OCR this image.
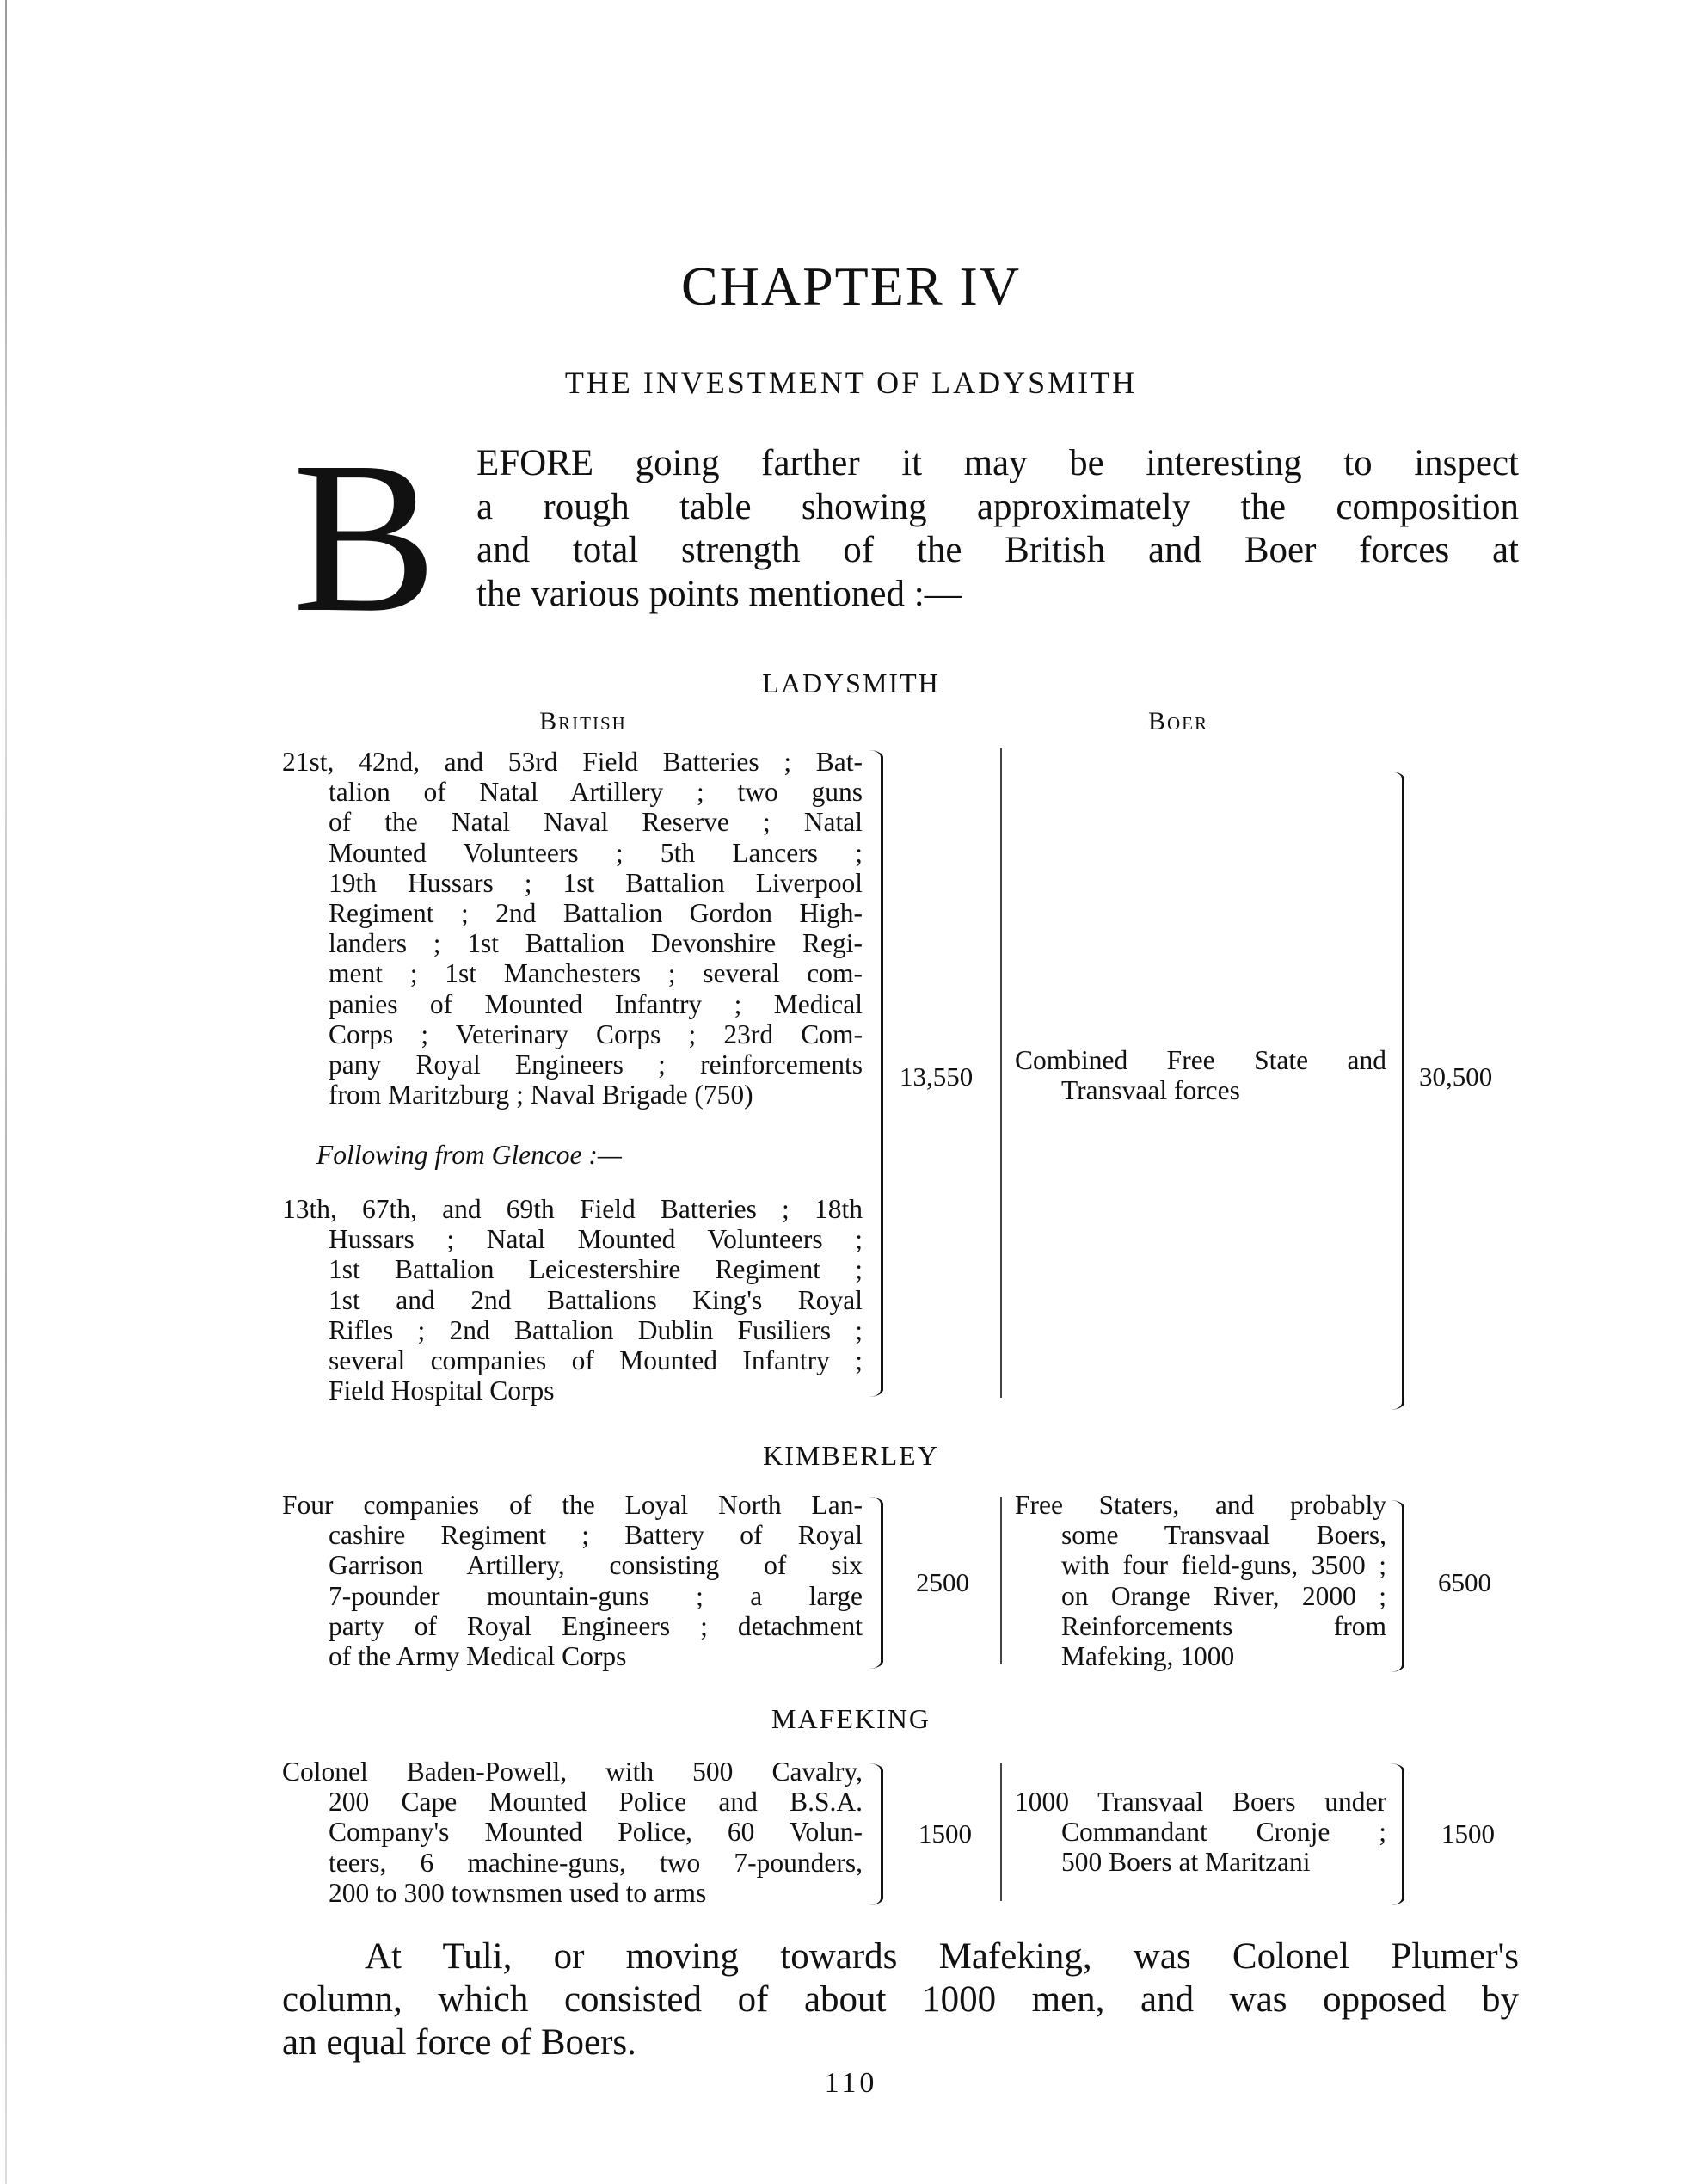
CHAPTER IV
THE INVESTMENT OF LADYSMITH
B EFORE going farther it may be interesting to inspect
a rough table showing approximately the composition
and total strength of the British and Boer forces at
the various points mentioned :—
LADYSMITH
British	Boer
21st, 42nd, and 53rd Field Batteries ; Bat-
talion of Natal Artillery ; two guns
of the Natal Naval Reserve ; Natal
Mounted Volunteers ; 5th Lancers ;
19th Hussars ; 1st Battalion Liverpool
Regiment ; 2nd Battalion Gordon High-
landers ; 1st Battalion Devonshire Regi-
ment ; 1st Manchesters ; several com-
panies of Mounted Infantry ; Medical
Corps ; Veterinary Corps ; 23rd Com-
pany Royal Engineers ; reinforcements
from Maritzburg ; Naval Brigade (750)
Following from Glencoe :—
13th, 67th, and 69th Field Batteries ; 18th
Hussars ; Natal Mounted Volunteers ;
1st Battalion Leicestershire Regiment ;
1st and 2nd Battalions King's Royal
Rifles ; 2nd Battalion Dublin Fusiliers ;
several companies of Mounted Infantry ;
Field Hospital Corps
13,550
Combined Free State and
Transvaal forces	30,500
KIMBERLEY
Four companies of the Loyal North Lan-
cashire Regiment ; Battery of Royal
Garrison Artillery, consisting of six
7-pounder mountain-guns ; a large
party of Royal Engineers ; detachment
of the Army Medical Corps
2500
Free Staters, and probably
some Transvaal Boers,
with four field-guns, 3500 ;
on Orange River, 2000 ;
Reinforcements from
Mafeking, 1000
6500
MAFEKING
Colonel Baden-Powell, with 500 Cavalry,
200 Cape Mounted Police and B.S.A.
Company's Mounted Police, 60 Volun-
teers, 6 machine-guns, two 7-pounders,
200 to 300 townsmen used to arms
1500
1000 Transvaal Boers under
Commandant Cronje ;
500 Boers at Maritzani
1500
At Tuli, or moving towards Mafeking, was Colonel Plumer's
column, which consisted of about 1000 men, and was opposed by
an equal force of Boers.
110
